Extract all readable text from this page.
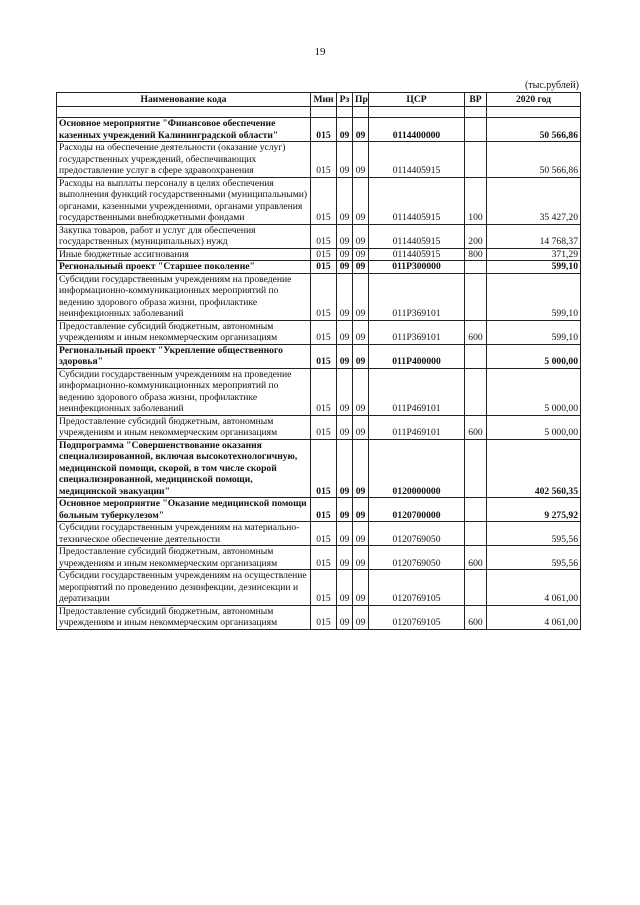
19
(тыс.рублей)
Наименование кода	Мин	Рз	Пр	ЦСР	ВР	2020 год

Основное мероприятие "Финансовое обеспечение казенных учреждений Калининградской области"	015	09	09	0114400000		50 566,86
Расходы на обеспечение деятельности (оказание услуг) государственных учреждений, обеспечивающих предоставление услуг в сфере здравоохранения	015	09	09	0114405915		50 566,86
Расходы на выплаты персоналу в целях обеспечения выполнения функций государственными (муниципальными) органами, казенными учреждениями, органами управления государственными внебюджетными фондами	015	09	09	0114405915	100	35 427,20
Закупка товаров, работ и услуг для обеспечения государственных (муниципальных) нужд	015	09	09	0114405915	200	14 768,37
Иные бюджетные ассигнования	015	09	09	0114405915	800	371,29
Региональный проект "Старшее поколение"	015	09	09	011P300000		599,10
Субсидии государственным учреждениям на проведение информационно-коммуникационных мероприятий по ведению здорового образа жизни, профилактике неинфекционных заболеваний	015	09	09	011P369101		599,10
Предоставление субсидий бюджетным, автономным учреждениям и иным некоммерческим организациям	015	09	09	011P369101	600	599,10
Региональный проект "Укрепление общественного здоровья"	015	09	09	011P400000		5 000,00
Субсидии государственным учреждениям на проведение информационно-коммуникационных мероприятий по ведению здорового образа жизни, профилактике неинфекционных заболеваний	015	09	09	011P469101		5 000,00
Предоставление субсидий бюджетным, автономным учреждениям и иным некоммерческим организациям	015	09	09	011P469101	600	5 000,00
Подпрограмма "Совершенствование оказания специализированной, включая высокотехнологичную, медицинской помощи, скорой, в том числе скорой специализированной, медицинской помощи, медицинской эвакуации"	015	09	09	0120000000		402 560,35
Основное мероприятие "Оказание медицинской помощи больным туберкулезом"	015	09	09	0120700000		9 275,92
Субсидии государственным учреждениям на материально-техническое обеспечение деятельности	015	09	09	0120769050		595,56
Предоставление субсидий бюджетным, автономным учреждениям и иным некоммерческим организациям	015	09	09	0120769050	600	595,56
Субсидии государственным учреждениям на осуществление мероприятий по проведению дезинфекции, дезинсекции и дератизации	015	09	09	0120769105		4 061,00
Предоставление субсидий бюджетным, автономным учреждениям и иным некоммерческим организациям	015	09	09	0120769105	600	4 061,00
